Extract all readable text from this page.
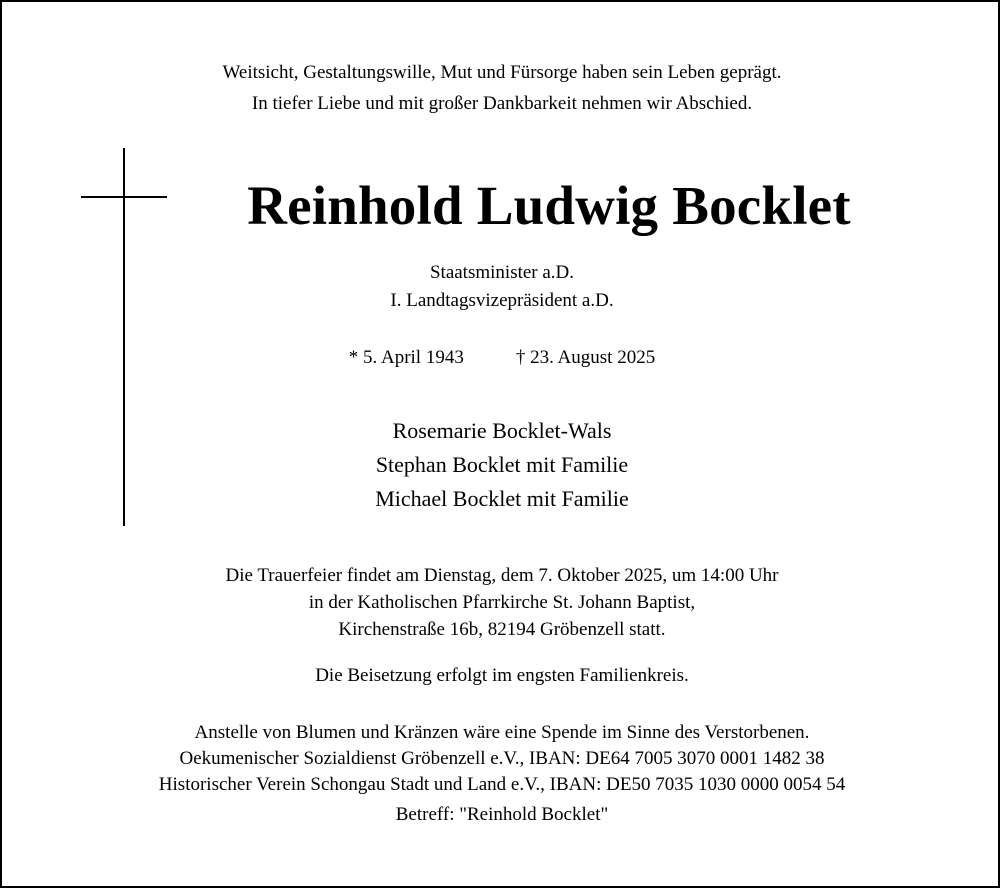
Weitsicht, Gestaltungswille, Mut und Fürsorge haben sein Leben geprägt.
In tiefer Liebe und mit großer Dankbarkeit nehmen wir Abschied.
Reinhold Ludwig Bocklet
Staatsminister a.D.
I. Landtagsvizepräsident a.D.
* 5. April 1943	† 23. August 2025
Rosemarie Bocklet-Wals
Stephan Bocklet mit Familie
Michael Bocklet mit Familie
Die Trauerfeier findet am Dienstag, dem 7. Oktober 2025, um 14:00 Uhr
in der Katholischen Pfarrkirche St. Johann Baptist,
Kirchenstraße 16b, 82194 Gröbenzell statt.
Die Beisetzung erfolgt im engsten Familienkreis.
Anstelle von Blumen und Kränzen wäre eine Spende im Sinne des Verstorbenen.
Oekumenischer Sozialdienst Gröbenzell e.V., IBAN: DE64 7005 3070 0001 1482 38
Historischer Verein Schongau Stadt und Land e.V., IBAN: DE50 7035 1030 0000 0054 54
Betreff: "Reinhold Bocklet"
